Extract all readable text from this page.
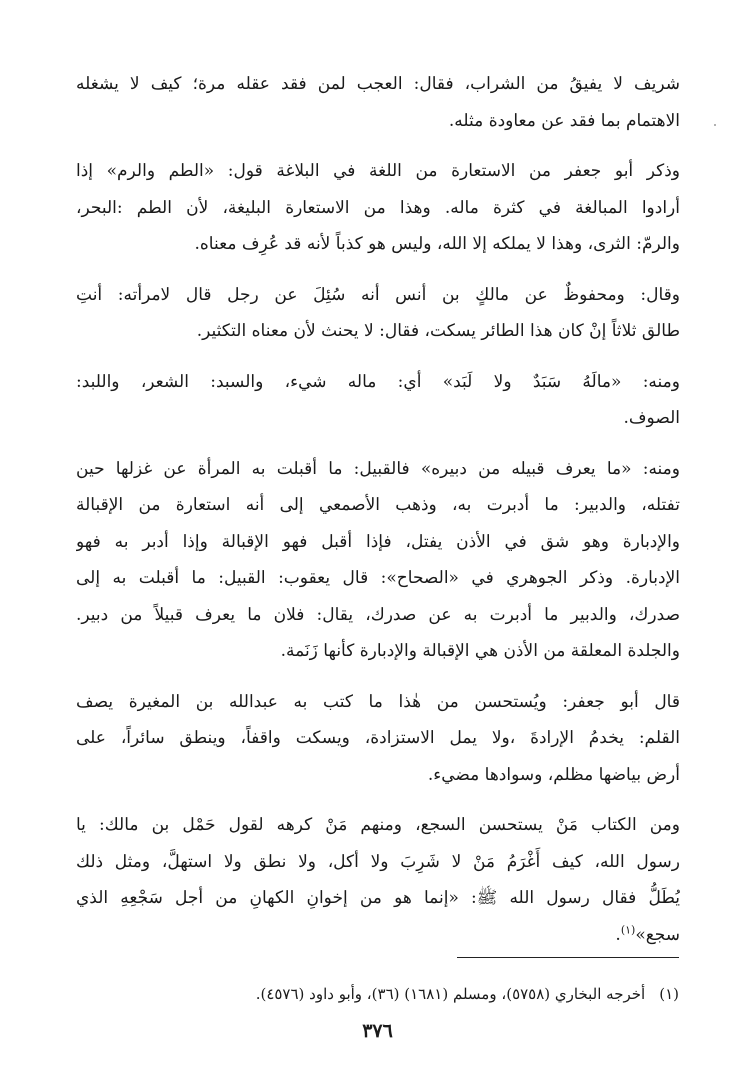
شريف لا يفيقُ من الشراب، فقال: العجب لمن فقد عقله مرة؛ كيف لا يشغله
الاهتمام بما فقد عن معاودة مثله.

وذكر أبو جعفر من الاستعارة من اللغة في البلاغة قول: «الطم والرم» إذا
أرادوا المبالغة في كثرة ماله. وهذا من الاستعارة البليغة، لأن الطم :البحر،
والرمّ: الثرى، وهذا لا يملكه إلا الله، وليس هو كذباً لأنه قد عُرِف معناه.

وقال: ومحفوظٌ عن مالكٍ بن أنس أنه سُئِلَ عن رجل قال لامرأته: أنتِ
طالق ثلاثاً إنْ كان هذا الطائر يسكت، فقال: لا يحنث لأن معناه التكثير.

ومنه: «مالَهُ سَبَدٌ ولا لَبَد» أي: ماله شيء، والسبد: الشعر، واللبد:
الصوف.

ومنه: «ما يعرف قبيله من دبيره» فالقبيل: ما أقبلت به المرأة عن غزلها حين
تفتله، والدبير: ما أدبرت به، وذهب الأصمعي إلى أنه استعارة من الإقبالة
والإدبارة وهو شق في الأذن يفتل، فإذا أقبل فهو الإقبالة وإذا أدبر به فهو
الإدبارة. وذكر الجوهري في «الصحاح»: قال يعقوب: القبيل: ما أقبلت به إلى
صدرك، والدبير ما أدبرت به عن صدرك، يقال: فلان ما يعرف قبيلاً من دبير.
والجلدة المعلقة من الأذن هي الإقبالة والإدبارة كأنها زَنَمة.

قال أبو جعفر: ويُستحسن من هٰذا ما كتب به عبدالله بن المغيرة يصف
القلم: يخدمُ الإرادةَ ،ولا يمل الاستزادة، ويسكت واقفاً، وينطق سائراً، على
أرض بياضها مظلم، وسوادها مضيء.

ومن الكتاب مَنْ يستحسن السجع، ومنهم مَنْ كرهه لقول حَمْل بن مالك: يا
رسول الله، كيف أَغْرَمُ مَنْ لا شَرِبَ ولا أكل، ولا نطق ولا استهلَّ، ومثل ذلك
يُطَلُّ فقال رسول الله ﷺ: «إنما هو من إخوانِ الكهانِ من أجل سَجْعِهِ الذي
سجع»$^{(١)}$.

(١)أخرجه البخاري (٥٧٥٨)، ومسلم (١٦٨١) (٣٦)، وأبو داود (٤٥٧٦).
٣٧٦
